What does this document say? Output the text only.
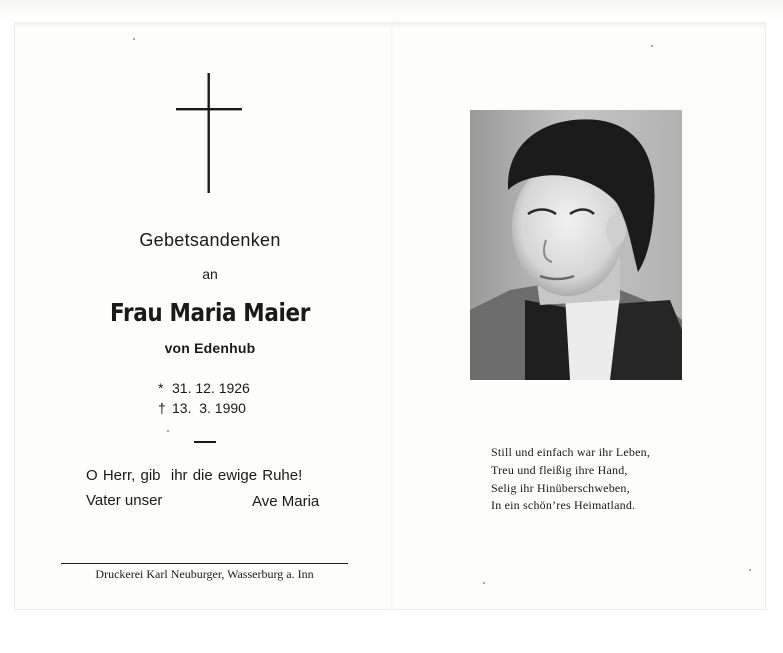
Gebetsandenken
an
Frau Maria Maier
von Edenhub
* 31. 12. 1926
† 13.  3. 1990
O Herr, gib  ihr die ewige Ruhe!
Vater unser	Ave Maria
Druckerei Karl Neuburger, Wasserburg a. Inn
Still und einfach war ihr Leben,
Treu und fleißig ihre Hand,
Selig ihr Hinüberschweben,
In ein schön’res Heimatland.
